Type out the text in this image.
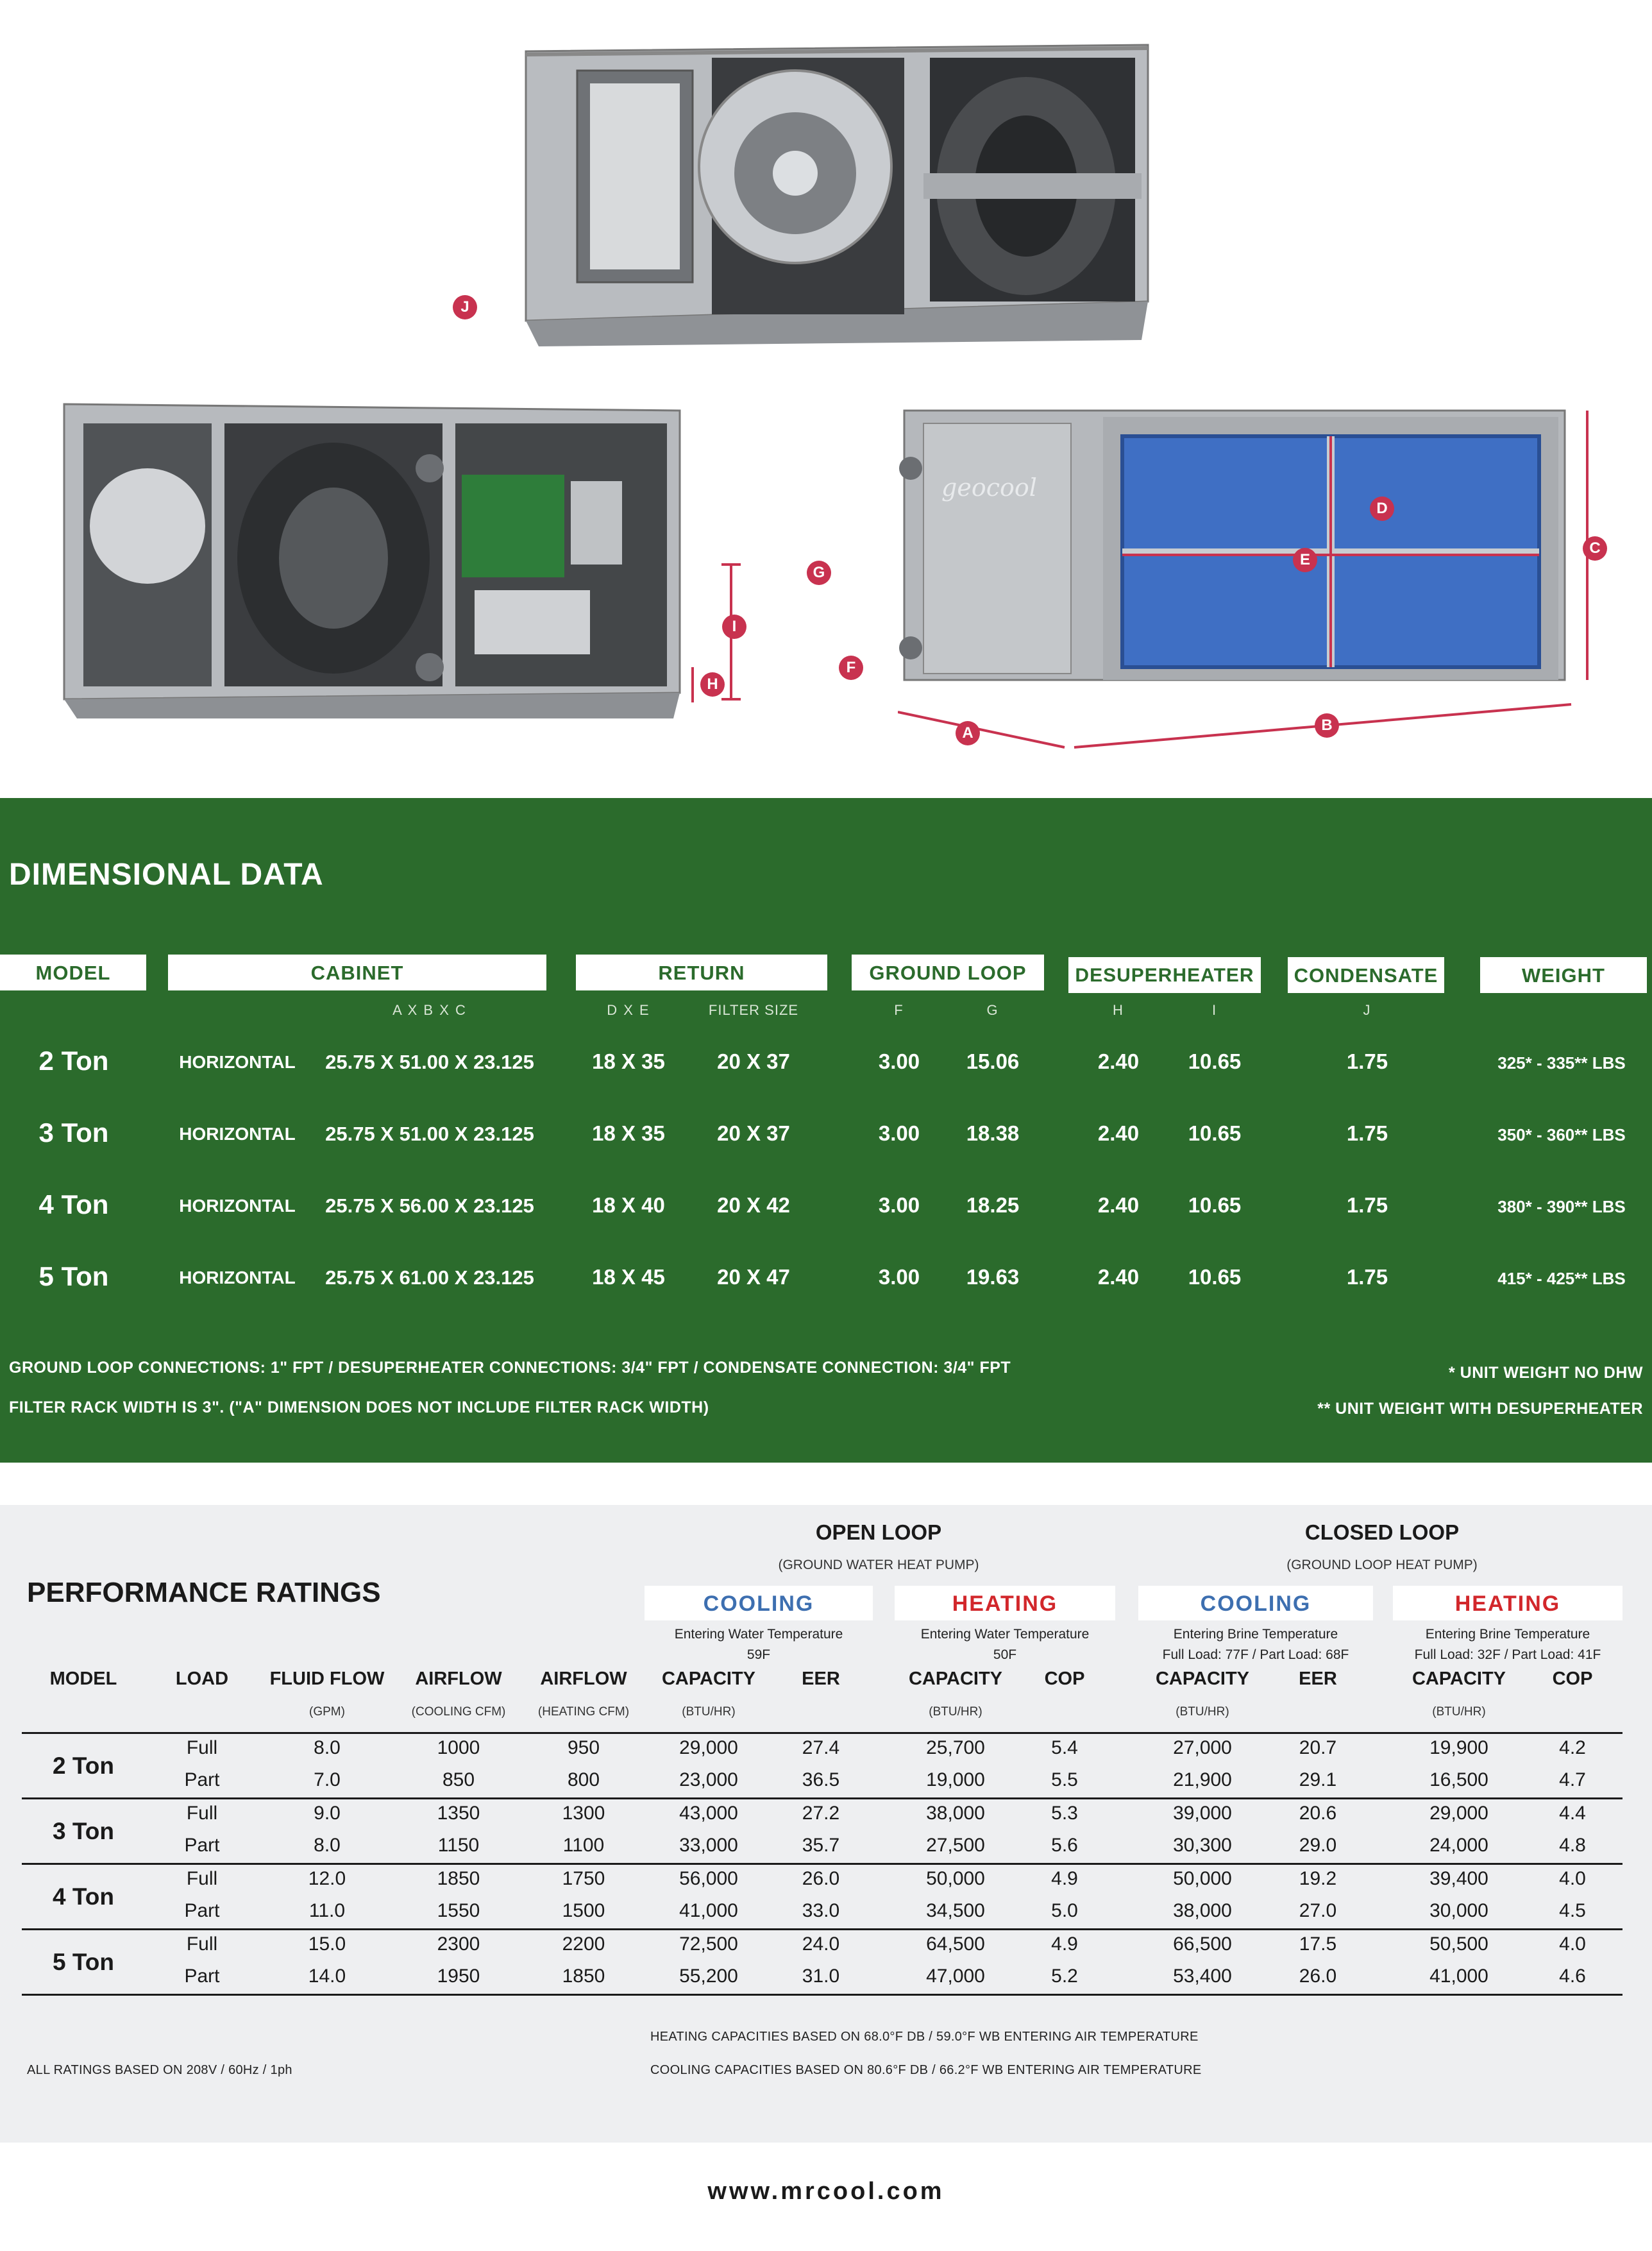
J
I
H
geocool
G
F
D
E
C
A	B
DIMENSIONAL DATA
MODEL	CABINET	RETURN	GROUND LOOP	DESUPERHEATER	CONDENSATE	WEIGHT
A X B X C	D X E	FILTER SIZE	F	G	H	I	J
2 Ton	HORIZONTAL	25.75 X 51.00 X 23.125	18 X 35	20 X 37	3.00	15.06	2.40	10.65	1.75	325* - 335** LBS
3 Ton	HORIZONTAL	25.75 X 51.00 X 23.125	18 X 35	20 X 37	3.00	18.38	2.40	10.65	1.75	350* - 360** LBS
4 Ton	HORIZONTAL	25.75 X 56.00 X 23.125	18 X 40	20 X 42	3.00	18.25	2.40	10.65	1.75	380* - 390** LBS
5 Ton	HORIZONTAL	25.75 X 61.00 X 23.125	18 X 45	20 X 47	3.00	19.63	2.40	10.65	1.75	415* - 425** LBS
GROUND LOOP CONNECTIONS: 1" FPT / DESUPERHEATER CONNECTIONS: 3/4" FPT / CONDENSATE CONNECTION: 3/4" FPT
FILTER RACK WIDTH IS 3". ("A" DIMENSION DOES NOT INCLUDE FILTER RACK WIDTH)
* UNIT WEIGHT NO DHW
** UNIT WEIGHT WITH DESUPERHEATER
PERFORMANCE RATINGS
OPEN LOOP
(GROUND WATER HEAT PUMP)
CLOSED LOOP
(GROUND LOOP HEAT PUMP)
COOLING	HEATING	COOLING	HEATING
Entering Water Temperature
59F
Entering Water Temperature
50F
Entering Brine Temperature
Full Load: 77F / Part Load: 68F
Entering Brine Temperature
Full Load: 32F / Part Load: 41F
MODEL	LOAD	FLUID FLOW
(GPM)
AIRFLOW
(COOLING CFM)
AIRFLOW
(HEATING CFM)
CAPACITY
(BTU/HR)
EER	CAPACITY
(BTU/HR)
COP	CAPACITY
(BTU/HR)
EER	CAPACITY
(BTU/HR)
COP
2 Ton
Full	8.0	1000	950	29,000	27.4	25,700	5.4	27,000	20.7	19,900	4.2
Part	7.0	850	800	23,000	36.5	19,000	5.5	21,900	29.1	16,500	4.7
3 Ton
Full	9.0	1350	1300	43,000	27.2	38,000	5.3	39,000	20.6	29,000	4.4
Part	8.0	1150	1100	33,000	35.7	27,500	5.6	30,300	29.0	24,000	4.8
4 Ton
Full	12.0	1850	1750	56,000	26.0	50,000	4.9	50,000	19.2	39,400	4.0
Part	11.0	1550	1500	41,000	33.0	34,500	5.0	38,000	27.0	30,000	4.5
5 Ton
Full	15.0	2300	2200	72,500	24.0	64,500	4.9	66,500	17.5	50,500	4.0
Part	14.0	1950	1850	55,200	31.0	47,000	5.2	53,400	26.0	41,000	4.6
HEATING CAPACITIES BASED ON 68.0°F DB / 59.0°F WB ENTERING AIR TEMPERATURE
COOLING CAPACITIES BASED ON 80.6°F DB / 66.2°F WB ENTERING AIR TEMPERATURE
ALL RATINGS BASED ON 208V / 60Hz / 1ph
www.mrcool.com
